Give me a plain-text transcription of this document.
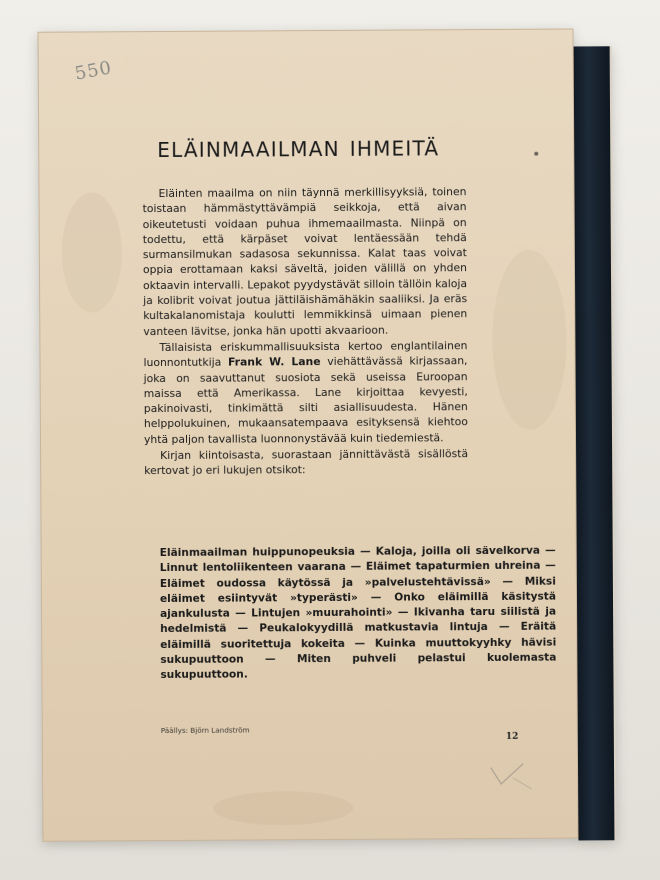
550
ELÄINMAAILMAN IHMEITÄ

Eläinten maailma on niin täynnä merkillisyyksiä, toinen toistaan hämmästyttävämpiä seikkoja, että aivan oikeutetusti voidaan puhua ihmemaailmasta. Niinpä on todettu, että kärpäset voivat lentäessään tehdä surmansilmukan sadasosa sekunnissa. Kalat taas voivat oppia erottamaan kaksi säveltä, joiden välillä on yhden oktaavin intervalli. Lepakot pyydystävät silloin tällöin kaloja ja kolibrit voivat joutua jättiläishämähäkin saaliiksi. Ja eräs kultakalanomistaja koulutti lemmikkinsä uimaan pienen vanteen lävitse, jonka hän upotti akvaarioon.

Tällaisista eriskummallisuuksista kertoo englantilainen luonnontutkija Frank W. Lane viehättävässä kirjassaan, joka on saavuttanut suosiota sekä useissa Euroopan maissa että Amerikassa. Lane kirjoittaa kevyesti, pakinoivasti, tinkimättä silti asiallisuudesta. Hänen helppolukuinen, mukaansatempaava esityksensä kiehtoo yhtä paljon tavallista luonnonystävää kuin tiedemiestä.

Kirjan kiintoisasta, suorastaan jännittävästä sisällöstä kertovat jo eri lukujen otsikot:

Eläinmaailman huippunopeuksia — Kaloja, joilla oli sävelkorva — Linnut lentoliikenteen vaarana — Eläimet tapaturmien uhreina — Eläimet oudossa käytössä ja »palvelustehtävissä» — Miksi eläimet esiintyvät »typerästi» — Onko eläimillä käsitystä ajankulusta — Lintujen »muurahointi» — Ikivanha taru siilistä ja hedelmistä — Peukalokyydillä matkustavia lintuja — Eräitä eläimillä suoritettuja kokeita — Kuinka muuttokyyhky hävisi sukupuuttoon — Miten puhveli pelastui kuolemasta sukupuuttoon.

Päällys: Björn Landström

12
